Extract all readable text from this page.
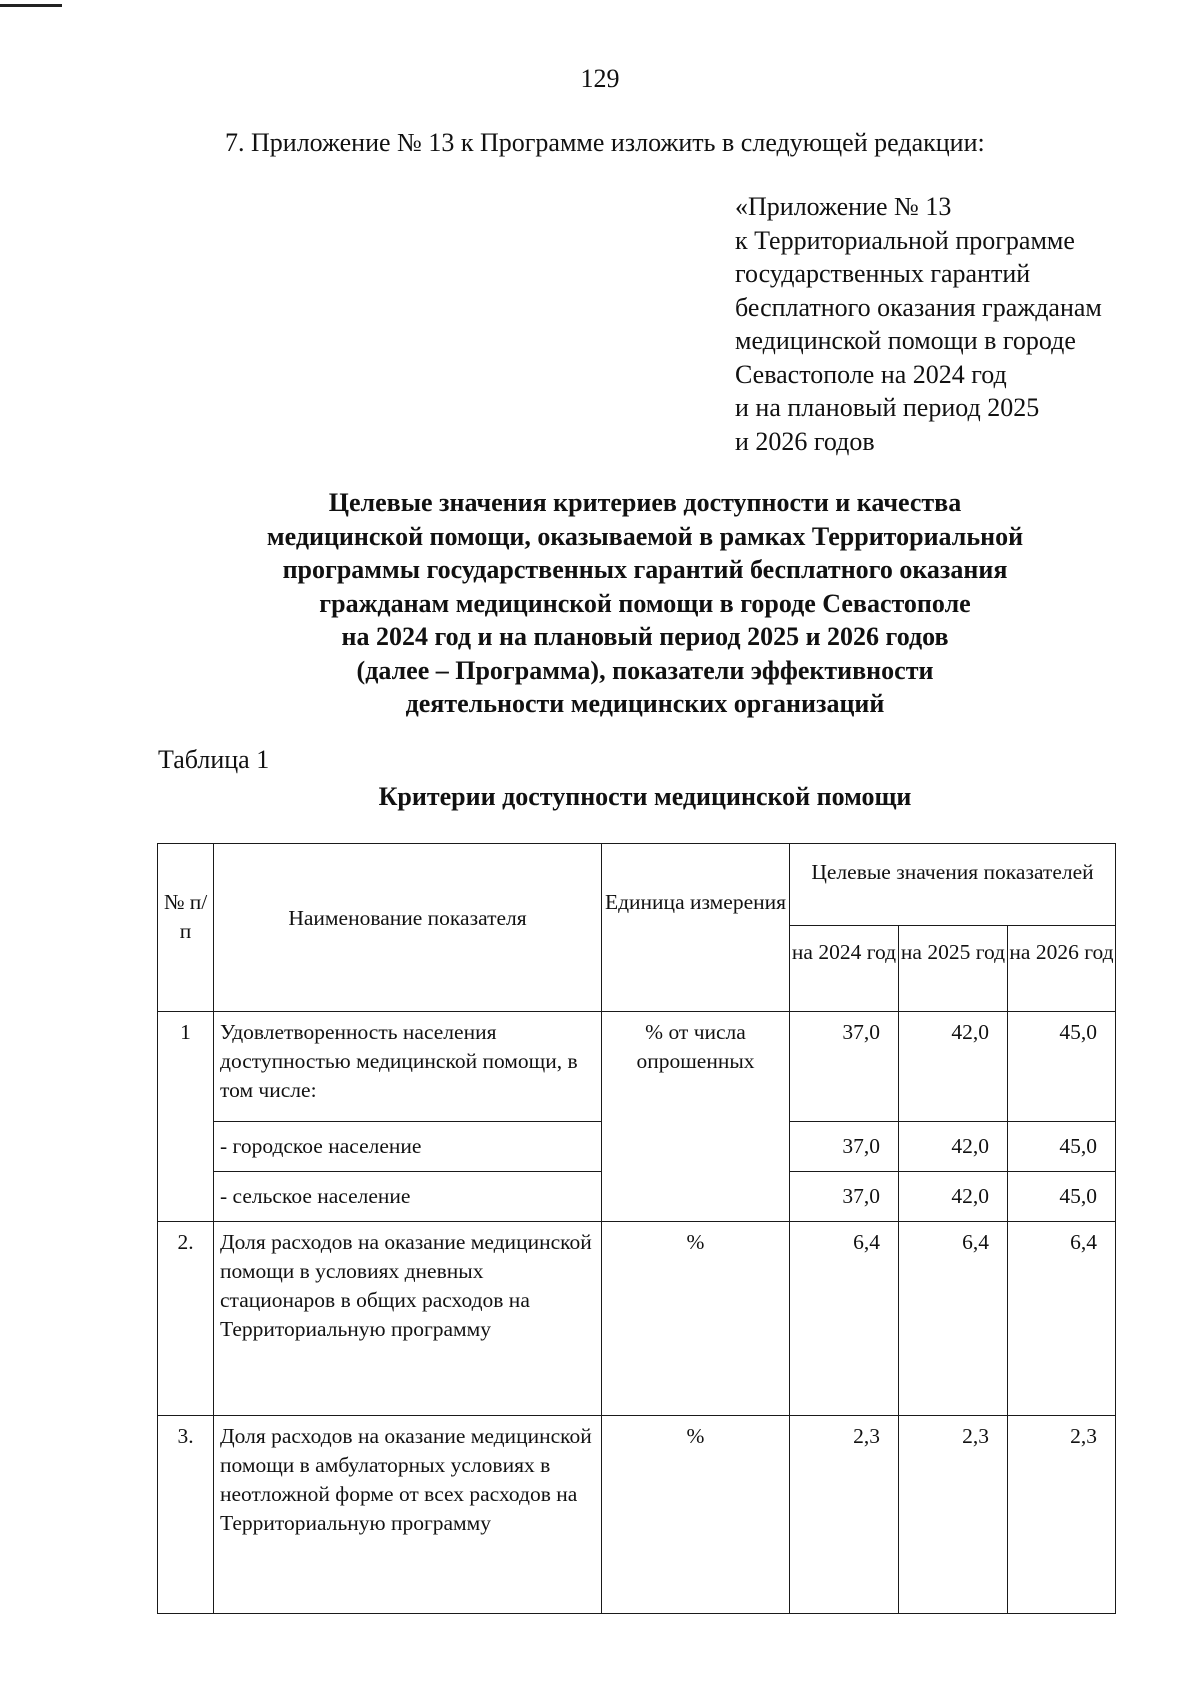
129
7. Приложение № 13 к Программе изложить в следующей редакции:
«Приложение № 13
к Территориальной программе
государственных гарантий
бесплатного оказания гражданам
медицинской помощи в городе
Севастополе на 2024 год
и на плановый период 2025
и 2026 годов
Целевые значения критериев доступности и качества
медицинской помощи, оказываемой в рамках Территориальной
программы государственных гарантий бесплатного оказания
гражданам медицинской помощи в городе Севастополе
на 2024 год и на плановый период 2025 и 2026 годов
(далее – Программа), показатели эффективности
деятельности медицинских организаций
Таблица 1
Критерии доступности медицинской помощи
№ п/п	Наименование показателя	Единица измерения	Целевые значения показателей		
			на 2024 год	на 2025 год	на 2026 год
1	Удовлетворенность населения доступностью медицинской помощи, в том числе:	% от числа опрошенных	37,0	42,0	45,0
	- городское население		37,0	42,0	45,0
	- сельское население		37,0	42,0	45,0
2.	Доля расходов на оказание медицинской помощи в условиях дневных стационаров в общих расходов на Территориальную программу	%	6,4	6,4	6,4
3.	Доля расходов на оказание медицинской помощи в амбулаторных условиях в неотложной форме от всех расходов на Территориальную программу	%	2,3	2,3	2,3
